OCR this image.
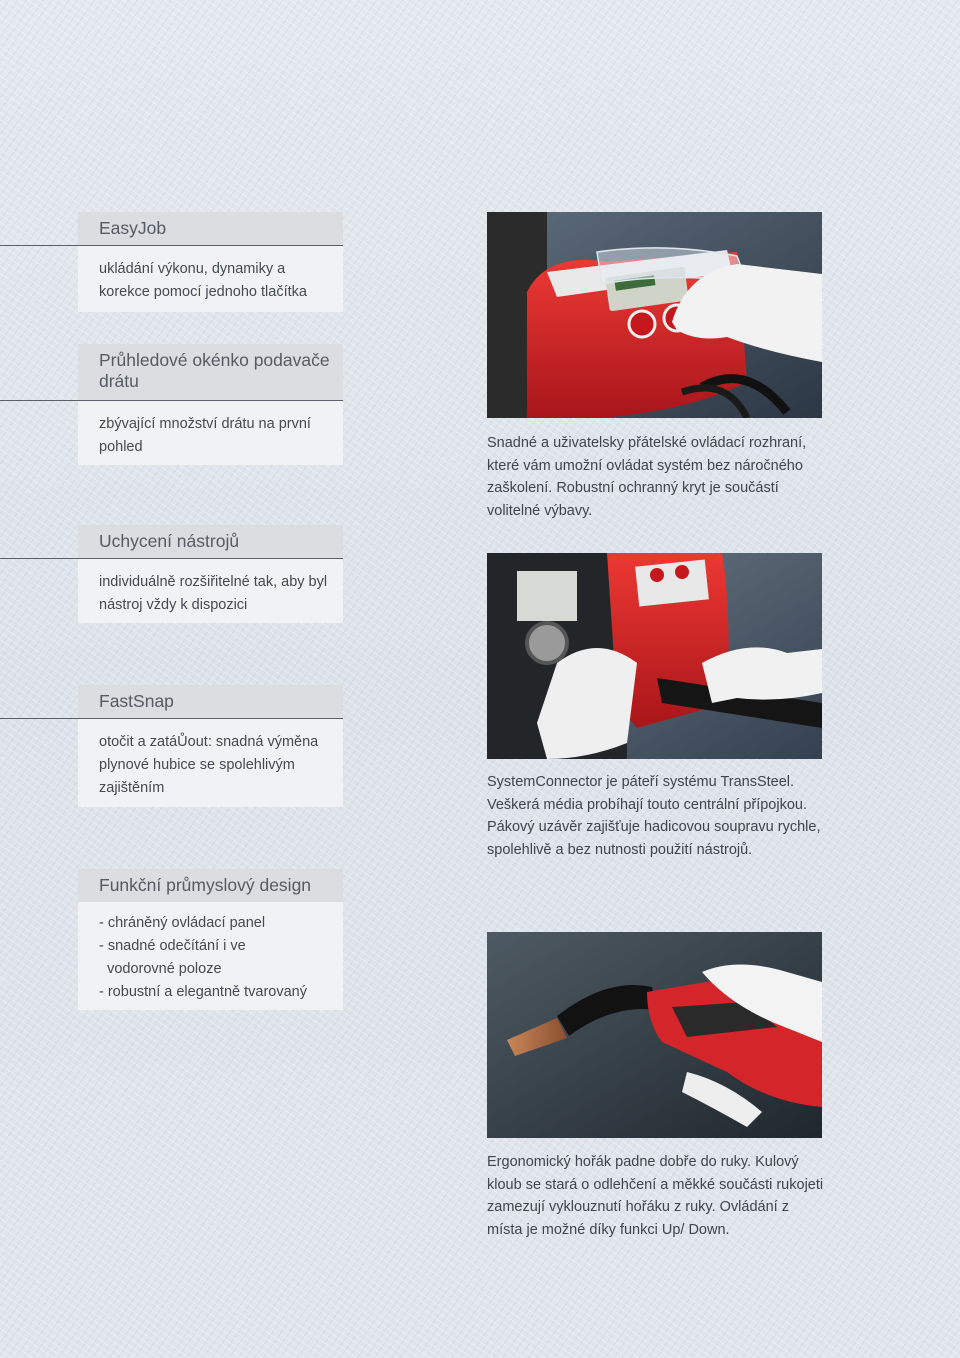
EasyJob
ukládání výkonu, dynamiky a korekce pomocí jednoho tlačítka
Průhledové okénko podavače drátu
zbývající množství drátu na první pohled
Uchycení nástrojů
individuálně rozšiřitelné tak, aby byl nástroj vždy k dispozici
FastSnap
otočit a zatáŮout: snadná výměna plynové hubice se spolehlivým zajištěním
Funkční průmyslový design
- chráněný ovládací panel
- snadné odečítání i ve
vodorovné poloze
- robustní a elegantně tvarovaný
Snadné a uživatelsky přátelské ovládací rozhraní, které vám umožní ovládat systém bez náročného zaškolení. Robustní ochranný kryt je součástí volitelné výbavy.
SystemConnector je páteří systému TransSteel. Veškerá média probíhají touto centrální přípojkou. Pákový uzávěr zajišťuje hadicovou soupravu rychle, spolehlivě a bez nutnosti použití nástrojů.
Ergonomický hořák padne dobře do ruky. Kulový kloub se stará o odlehčení a měkké součásti rukojeti zamezují vyklouznutí hořáku z ruky. Ovládání z místa je možné díky funkci Up/ Down.
